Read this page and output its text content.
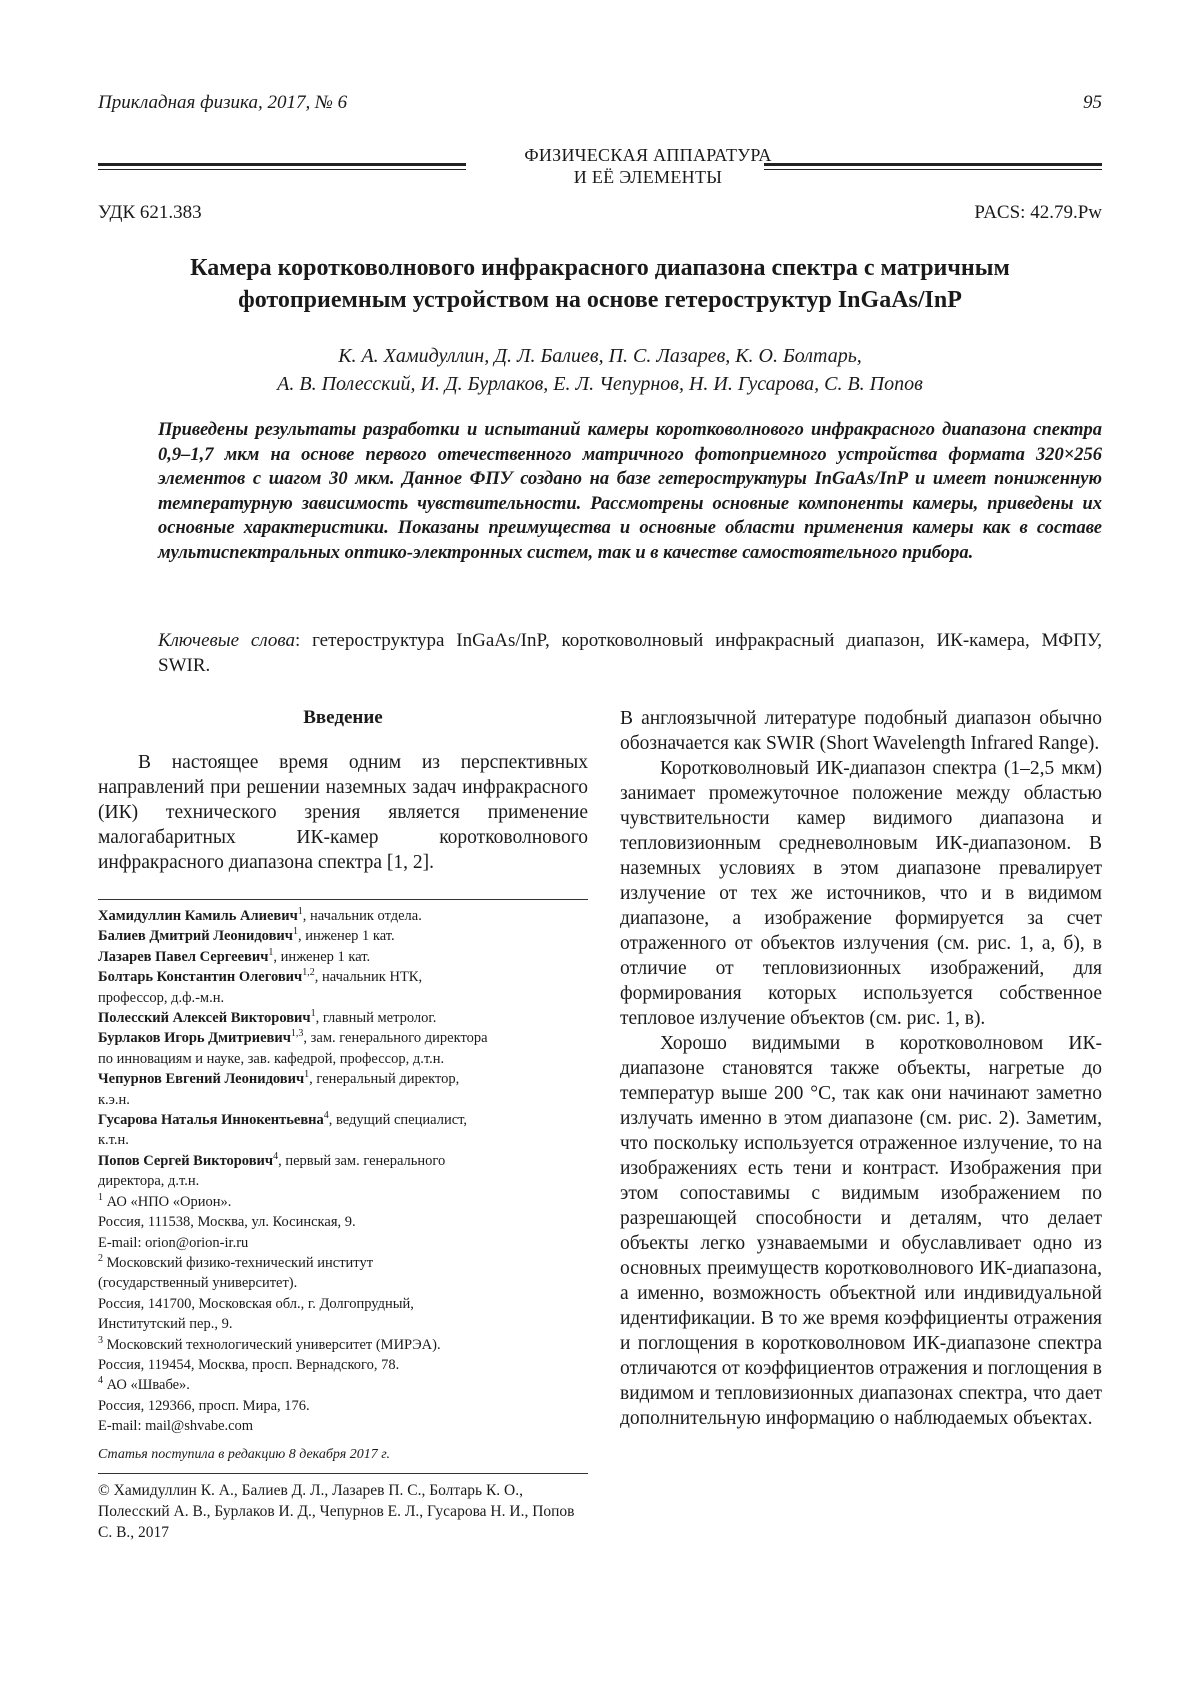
Прикладная физика, 2017, № 6	95
ФИЗИЧЕСКАЯ АППАРАТУРА
И ЕЁ ЭЛЕМЕНТЫ
УДК 621.383	PACS: 42.79.Pw
Камера коротковолнового инфракрасного диапазона спектра с матричным
фотоприемным устройством на основе гетероструктур InGaAs/InP
К. А. Хамидуллин, Д. Л. Балиев, П. С. Лазарев, К. О. Болтарь,
А. В. Полесский, И. Д. Бурлаков, Е. Л. Чепурнов, Н. И. Гусарова, С. В. Попов
Приведены результаты разработки и испытаний камеры коротковолнового инфракрасного диапазона спектра 0,9–1,7 мкм на основе первого отечественного матричного фотоприемного устройства формата 320×256 элементов с шагом 30 мкм. Данное ФПУ создано на базе гетероструктуры InGaAs/InP и имеет пониженную температурную зависимость чувствительности. Рассмотрены основные компоненты камеры, приведены их основные характеристики. Показаны преимущества и основные области применения камеры как в составе мультиспектральных оптико-электронных систем, так и в качестве самостоятельного прибора.
Ключевые слова: гетероструктура InGaAs/InP, коротковолновый инфракрасный диапазон, ИК-камера, МФПУ, SWIR.
Введение

В настоящее время одним из перспективных направлений при решении наземных задач инфракрасного (ИК) технического зрения является применение малогабаритных ИК-камер коротковолнового инфракрасного диапазона спектра [1, 2].

Хамидуллин Камиль Алиевич$^1$, начальник отдела.
Балиев Дмитрий Леонидович$^1$, инженер 1 кат.
Лазарев Павел Сергеевич$^1$, инженер 1 кат.
Болтарь Константин Олегович$^{1,2}$, начальник НТК,
профессор, д.ф.-м.н.
Полесский Алексей Викторович$^1$, главный метролог.
Бурлаков Игорь Дмитриевич$^{1,3}$, зам. генерального директора
по инновациям и науке, зав. кафедрой, профессор, д.т.н.
Чепурнов Евгений Леонидович$^1$, генеральный директор,
к.э.н.
Гусарова Наталья Иннокентьевна$^4$, ведущий специалист,
к.т.н.
Попов Сергей Викторович$^4$, первый зам. генерального
директора, д.т.н.
$^1$ АО «НПО «Орион».
Россия, 111538, Москва, ул. Косинская, 9.
E-mail: orion@orion-ir.ru
$^2$ Московский физико-технический институт
(государственный университет).
Россия, 141700, Московская обл., г. Долгопрудный,
Институтский пер., 9.
$^3$ Московский технологический университет (МИРЭА).
Россия, 119454, Москва, просп. Вернадского, 78.
$^4$ АО «Швабе».
Россия, 129366, просп. Мира, 176.
E-mail: mail@shvabe.com
Статья поступила в редакцию 8 декабря 2017 г.
© Хамидуллин К. А., Балиев Д. Л., Лазарев П. С., Болтарь К. О., Полесский А. В., Бурлаков И. Д., Чепурнов Е. Л., Гусарова Н. И., Попов С. В., 2017

В англоязычной литературе подобный диапазон обычно обозначается как SWIR (Short Wavelength Infrared Range).

Коротковолновый ИК-диапазон спектра (1–2,5 мкм) занимает промежуточное положение между областью чувствительности камер видимого диапазона и тепловизионным средневолновым ИК-диапазоном. В наземных условиях в этом диапазоне превалирует излучение от тех же источников, что и в видимом диапазоне, а изображение формируется за счет отраженного от объектов излучения (см. рис. 1, а, б), в отличие от тепловизионных изображений, для формирования которых используется собственное тепловое излучение объектов (см. рис. 1, в).

Хорошо видимыми в коротковолновом ИК-диапазоне становятся также объекты, нагретые до температур выше 200 °С, так как они начинают заметно излучать именно в этом диапазоне (см. рис. 2). Заметим, что поскольку используется отраженное излучение, то на изображениях есть тени и контраст. Изображения при этом сопоставимы с видимым изображением по разрешающей способности и деталям, что делает объекты легко узнаваемыми и обуславливает одно из основных преимуществ коротковолнового ИК-диапазона, а именно, возможность объектной или индивидуальной идентификации. В то же время коэффициенты отражения и поглощения в коротковолновом ИК-диапазоне спектра отличаются от коэффициентов отражения и поглощения в видимом и тепловизионных диапазонах спектра, что дает дополнительную информацию о наблюдаемых объектах.
